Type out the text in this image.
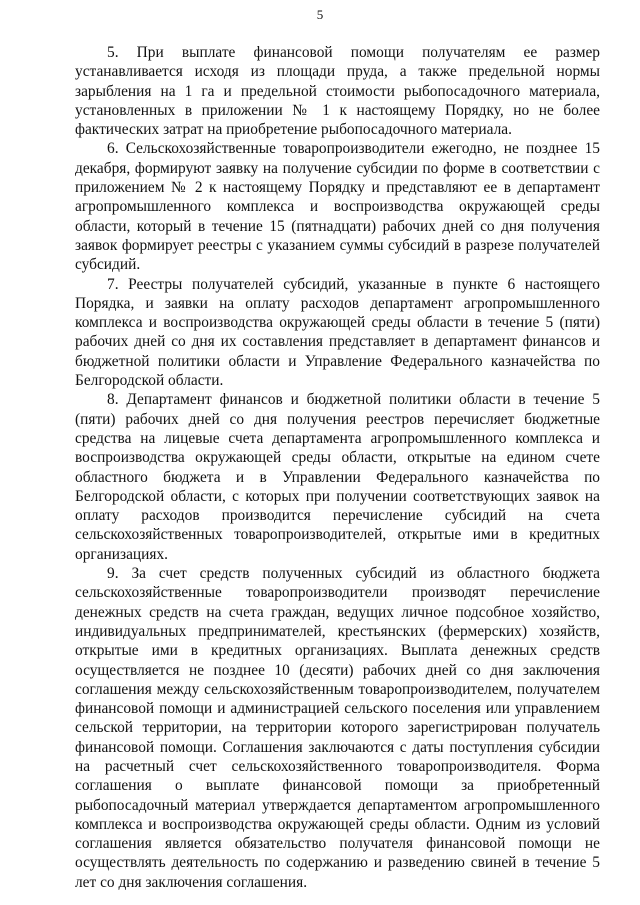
5

5. При выплате финансовой помощи получателям ее размер устанавливается исходя из площади пруда, а также предельной нормы зарыбления на 1 га и предельной стоимости рыбопосадочного материала, установленных в приложении № 1 к настоящему Порядку, но не более фактических затрат на приобретение рыбопосадочного материала.

6. Сельскохозяйственные товаропроизводители ежегодно, не позднее 15 декабря, формируют заявку на получение субсидии по форме в соответствии с приложением № 2 к настоящему Порядку и представляют ее в департамент агропромышленного комплекса и воспроизводства окружающей среды области, который в течение 15 (пятнадцати) рабочих дней со дня получения заявок формирует реестры с указанием суммы субсидий в разрезе получателей субсидий.

7. Реестры получателей субсидий, указанные в пункте 6 настоящего Порядка, и заявки на оплату расходов департамент агропромышленного комплекса и воспроизводства окружающей среды области в течение 5 (пяти) рабочих дней со дня их составления представляет в департамент финансов и бюджетной политики области и Управление Федерального казначейства по Белгородской области.

8. Департамент финансов и бюджетной политики области в течение 5 (пяти) рабочих дней со дня получения реестров перечисляет бюджетные средства на лицевые счета департамента агропромышленного комплекса и воспроизводства окружающей среды области, открытые на едином счете областного бюджета и в Управлении Федерального казначейства по Белгородской области, с которых при получении соответствующих заявок на оплату расходов производится перечисление субсидий на счета сельскохозяйственных товаропроизводителей, открытые ими в кредитных организациях.

9. За счет средств полученных субсидий из областного бюджета сельскохозяйственные товаропроизводители производят перечисление денежных средств на счета граждан, ведущих личное подсобное хозяйство, индивидуальных предпринимателей, крестьянских (фермерских) хозяйств, открытые ими в кредитных организациях. Выплата денежных средств осуществляется не позднее 10 (десяти) рабочих дней со дня заключения соглашения между сельскохозяйственным товаропроизводителем, получателем финансовой помощи и администрацией сельского поселения или управлением сельской территории, на территории которого зарегистрирован получатель финансовой помощи. Соглашения заключаются с даты поступления субсидии на расчетный счет сельскохозяйственного товаропроизводителя. Форма соглашения о выплате финансовой помощи за приобретенный рыбопосадочный материал утверждается департаментом агропромышленного комплекса и воспроизводства окружающей среды области. Одним из условий соглашения является обязательство получателя финансовой помощи не осуществлять деятельность по содержанию и разведению свиней в течение 5 лет со дня заключения соглашения.
